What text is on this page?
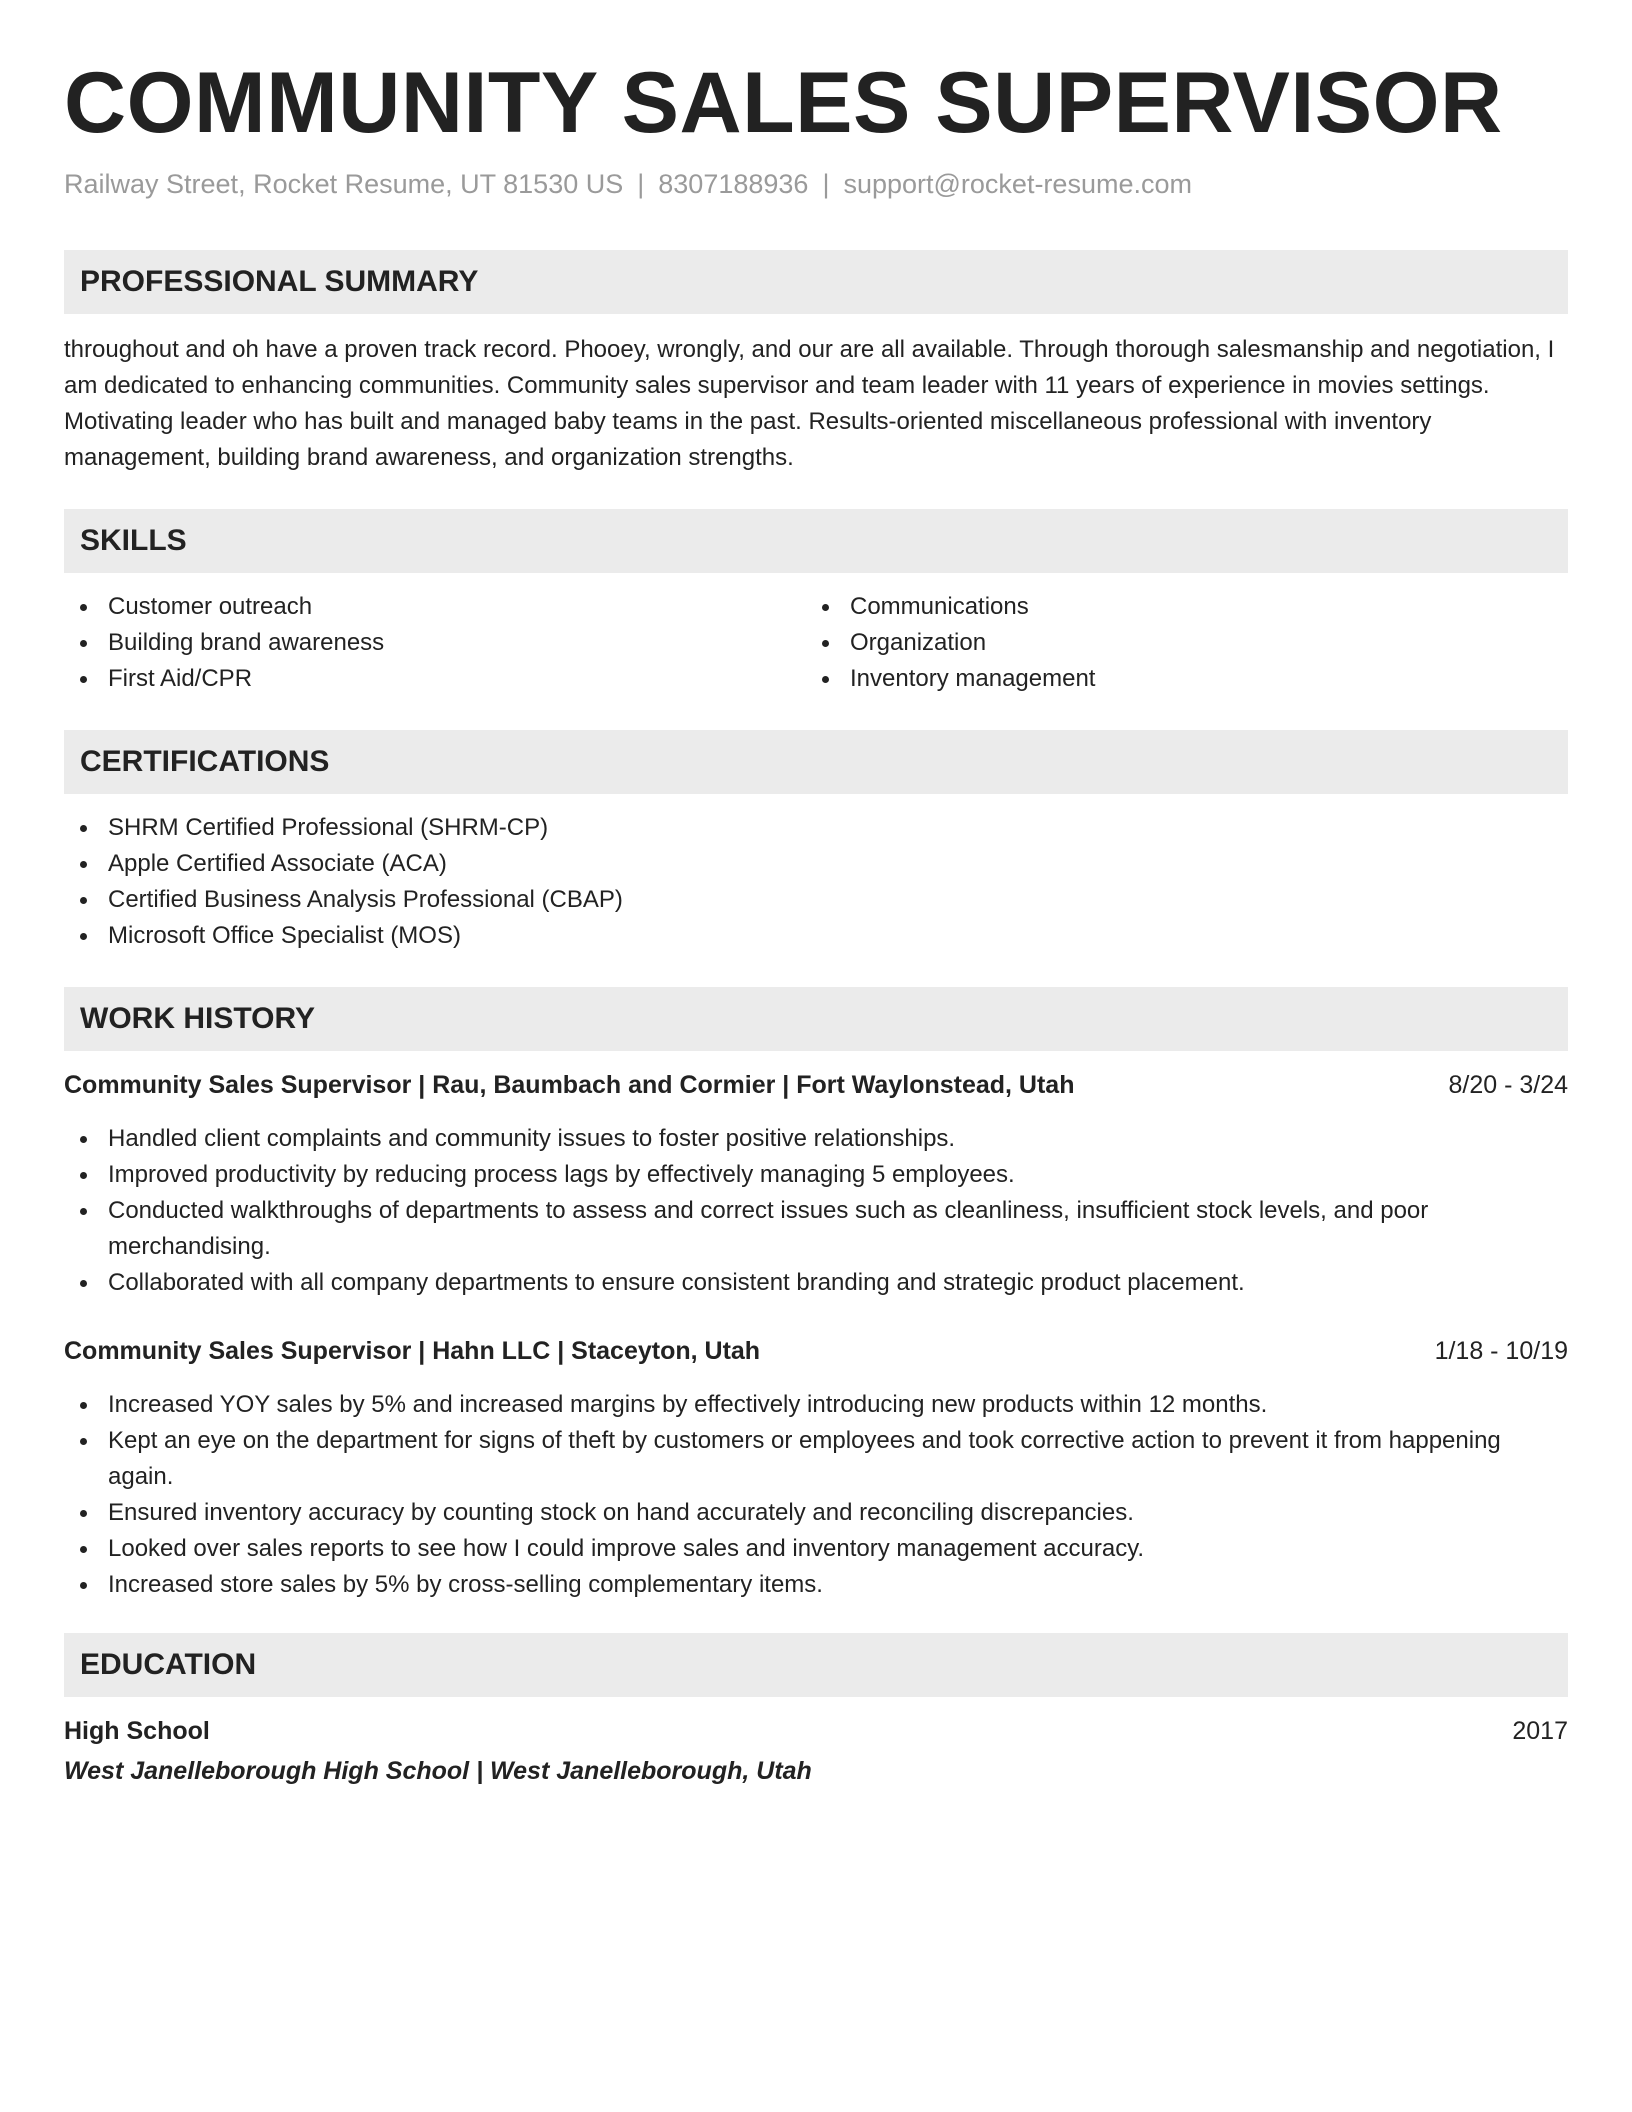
COMMUNITY SALES SUPERVISOR
Railway Street, Rocket Resume, UT 81530 US | 8307188936 | support@rocket-resume.com
PROFESSIONAL SUMMARY

throughout and oh have a proven track record. Phooey, wrongly, and our are all available. Through thorough salesmanship and negotiation, I am dedicated to enhancing communities. Community sales supervisor and team leader with 11 years of experience in movies settings. Motivating leader who has built and managed baby teams in the past. Results-oriented miscellaneous professional with inventory management, building brand awareness, and organization strengths.

SKILLS
Customer outreach
Building brand awareness
First Aid/CPR
Communications
Organization
Inventory management
CERTIFICATIONS
SHRM Certified Professional (SHRM-CP)
Apple Certified Associate (ACA)
Certified Business Analysis Professional (CBAP)
Microsoft Office Specialist (MOS)
WORK HISTORY
Community Sales Supervisor | Rau, Baumbach and Cormier | Fort Waylonstead, Utah	8/20 - 3/24
Handled client complaints and community issues to foster positive relationships.
Improved productivity by reducing process lags by effectively managing 5 employees.
Conducted walkthroughs of departments to assess and correct issues such as cleanliness, insufficient stock levels, and poor merchandising.
Collaborated with all company departments to ensure consistent branding and strategic product placement.
Community Sales Supervisor | Hahn LLC | Staceyton, Utah	1/18 - 10/19
Increased YOY sales by 5% and increased margins by effectively introducing new products within 12 months.
Kept an eye on the department for signs of theft by customers or employees and took corrective action to prevent it from happening again.
Ensured inventory accuracy by counting stock on hand accurately and reconciling discrepancies.
Looked over sales reports to see how I could improve sales and inventory management accuracy.
Increased store sales by 5% by cross-selling complementary items.
EDUCATION
High School	2017
West Janelleborough High School | West Janelleborough, Utah
